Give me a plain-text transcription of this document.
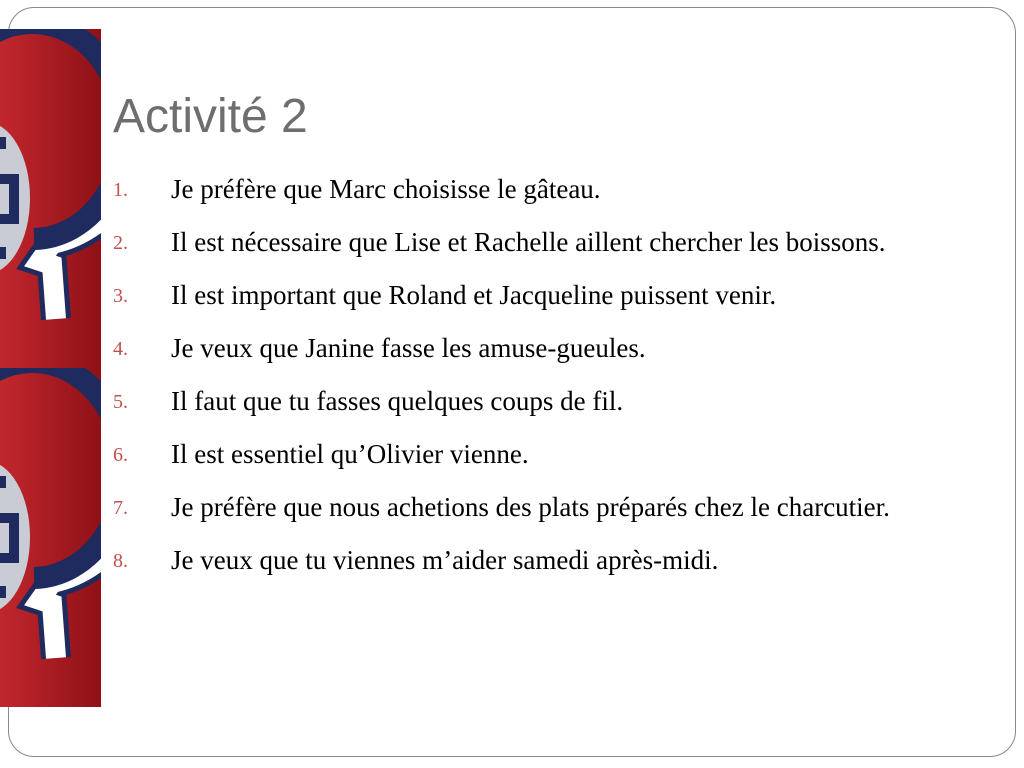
Activité 2
1. Je préfère que Marc choisisse le gâteau.
2. Il est nécessaire que Lise et Rachelle aillent chercher les boissons.
3. Il est important que Roland et Jacqueline puissent venir.
4. Je veux que Janine fasse les amuse-gueules.
5. Il faut que tu fasses quelques coups de fil.
6. Il est essentiel qu’Olivier vienne.
7. Je préfère que nous achetions des plats préparés chez le charcutier.
8. Je veux que tu viennes m’aider samedi après-midi.
